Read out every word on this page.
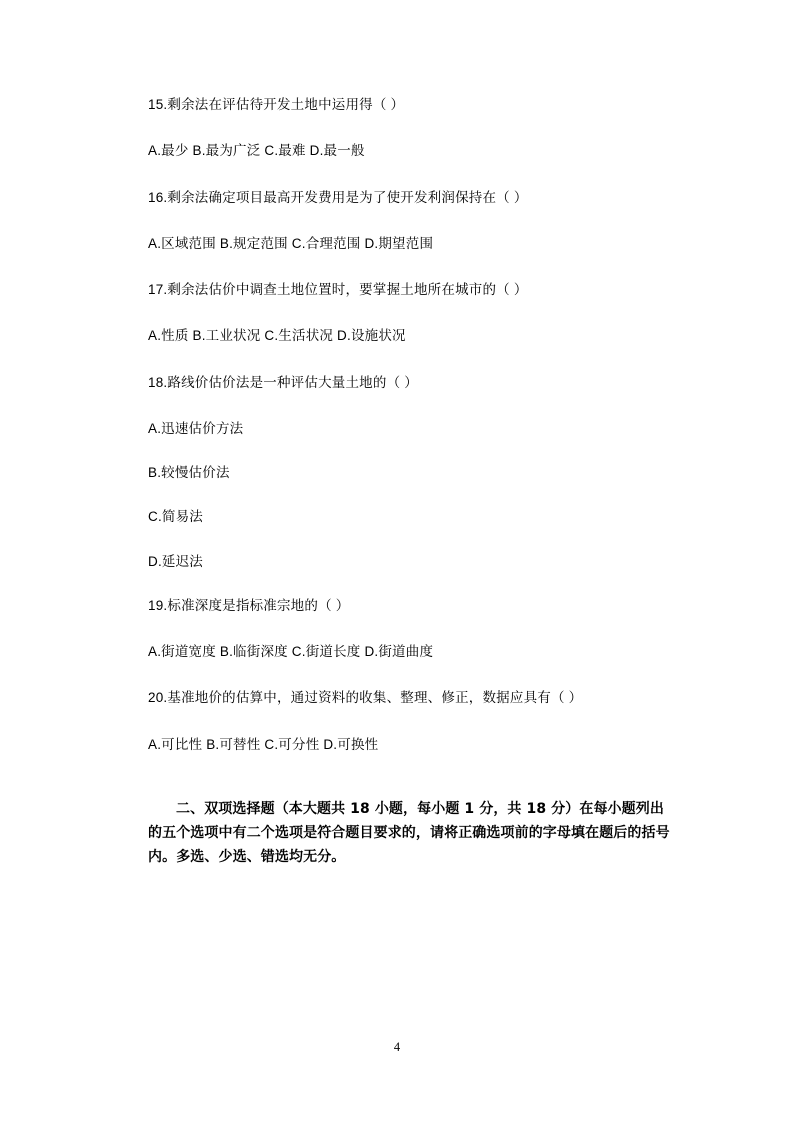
15.剩余法在评估待开发土地中运用得（ ）

A.最少 B.最为广泛 C.最难 D.最一般

16.剩余法确定项目最高开发费用是为了使开发利润保持在（ ）

A.区域范围 B.规定范围 C.合理范围 D.期望范围

17.剩余法估价中调查土地位置时，要掌握土地所在城市的（ ）

A.性质 B.工业状况 C.生活状况 D.设施状况

18.路线价估价法是一种评估大量土地的（ ）

A.迅速估价方法

B.较慢估价法

C.简易法

D.延迟法

19.标准深度是指标准宗地的（ ）

A.街道宽度 B.临街深度 C.街道长度 D.街道曲度

20.基准地价的估算中，通过资料的收集、整理、修正，数据应具有（ ）

A.可比性 B.可替性 C.可分性 D.可换性

二、双项选择题（本大题共 18 小题，每小题 1 分，共 18 分）在每小题列出的五个选项中有二个选项是符合题目要求的，请将正确选项前的字母填在题后的括号内。多选、少选、错选均无分。
4
